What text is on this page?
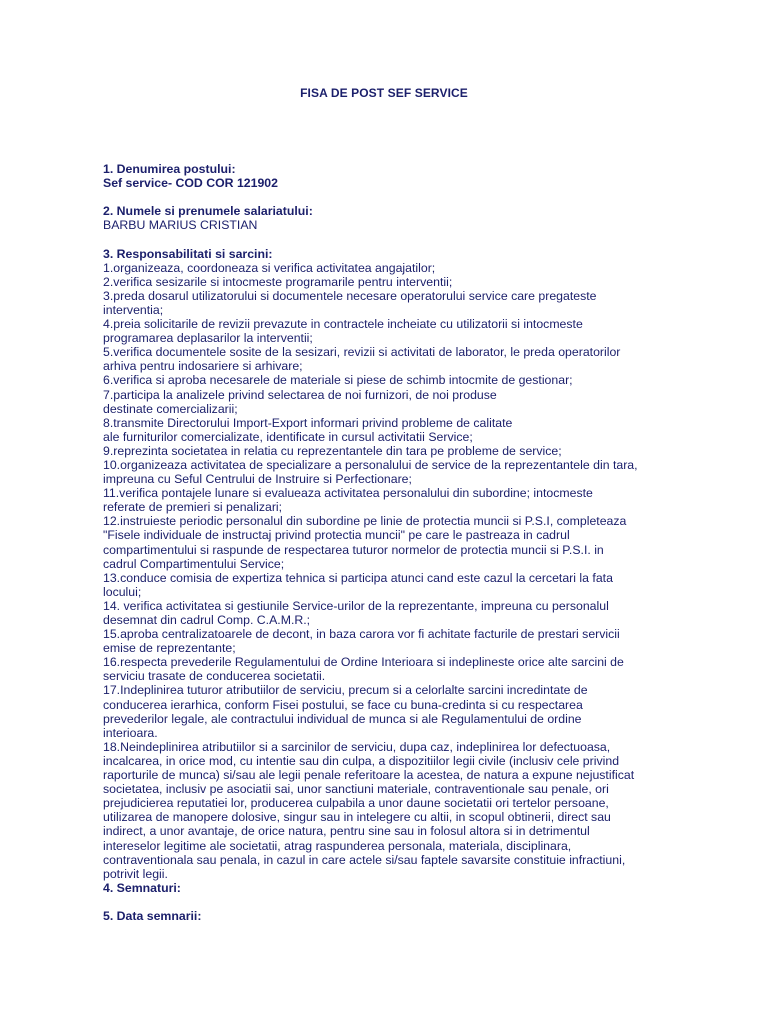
FISA DE POST SEF SERVICE
1. Denumirea postului:
Sef service- COD COR 121902
2. Numele si prenumele salariatului:
BARBU MARIUS CRISTIAN
3. Responsabilitati si sarcini:
1.organizeaza, coordoneaza si verifica activitatea angajatilor;
2.verifica sesizarile si intocmeste programarile pentru interventii;
3.preda dosarul utilizatorului si documentele necesare operatorului service care pregateste
interventia;
4.preia solicitarile de revizii prevazute in contractele incheiate cu utilizatorii si intocmeste
programarea deplasarilor la interventii;
5.verifica documentele sosite de la sesizari, revizii si activitati de laborator, le preda operatorilor
arhiva pentru indosariere si arhivare;
6.verifica si aproba necesarele de materiale si piese de schimb intocmite de gestionar;
7.participa la analizele privind selectarea de noi furnizori, de noi produse
destinate comercializarii;
8.transmite Directorului Import-Export informari privind probleme de calitate
ale furniturilor comercializate, identificate in cursul activitatii Service;
9.reprezinta societatea in relatia cu reprezentantele din tara pe probleme de service;
10.organizeaza activitatea de specializare a personalului de service de la reprezentantele din tara,
impreuna cu Seful Centrului de Instruire si Perfectionare;
11.verifica pontajele lunare si evalueaza activitatea personalului din subordine; intocmeste
referate de premieri si penalizari;
12.instruieste periodic personalul din subordine pe linie de protectia muncii si P.S.I, completeaza
"Fisele individuale de instructaj privind protectia muncii" pe care le pastreaza in cadrul
compartimentului si raspunde de respectarea tuturor normelor de protectia muncii si P.S.I. in
cadrul Compartimentului Service;
13.conduce comisia de expertiza tehnica si participa atunci cand este cazul la cercetari la fata
locului;
14. verifica activitatea si gestiunile Service-urilor de la reprezentante, impreuna cu personalul
desemnat din cadrul Comp. C.A.M.R.;
15.aproba centralizatoarele de decont, in baza carora vor fi achitate facturile de prestari servicii
emise de reprezentante;
16.respecta prevederile Regulamentului de Ordine Interioara si indeplineste orice alte sarcini de
serviciu trasate de conducerea societatii.
17.Indeplinirea tuturor atributiilor de serviciu, precum si a celorlalte sarcini incredintate de
conducerea ierarhica, conform Fisei postului, se face cu buna-credinta si cu respectarea
prevederilor legale, ale contractului individual de munca si ale Regulamentului de ordine
interioara.
18.Neindeplinirea atributiilor si a sarcinilor de serviciu, dupa caz, indeplinirea lor defectuoasa,
incalcarea, in orice mod, cu intentie sau din culpa, a dispozitiilor legii civile (inclusiv cele privind
raporturile de munca) si/sau ale legii penale referitoare la acestea, de natura a expune nejustificat
societatea, inclusiv pe asociatii sai, unor sanctiuni materiale, contraventionale sau penale, ori
prejudicierea reputatiei lor, producerea culpabila a unor daune societatii ori tertelor persoane,
utilizarea de manopere dolosive, singur sau in intelegere cu altii, in scopul obtinerii, direct sau
indirect, a unor avantaje, de orice natura, pentru sine sau in folosul altora si in detrimentul
intereselor legitime ale societatii, atrag raspunderea personala, materiala, disciplinara,
contraventionala sau penala, in cazul in care actele si/sau faptele savarsite constituie infractiuni,
potrivit legii.
4. Semnaturi:
5. Data semnarii:
